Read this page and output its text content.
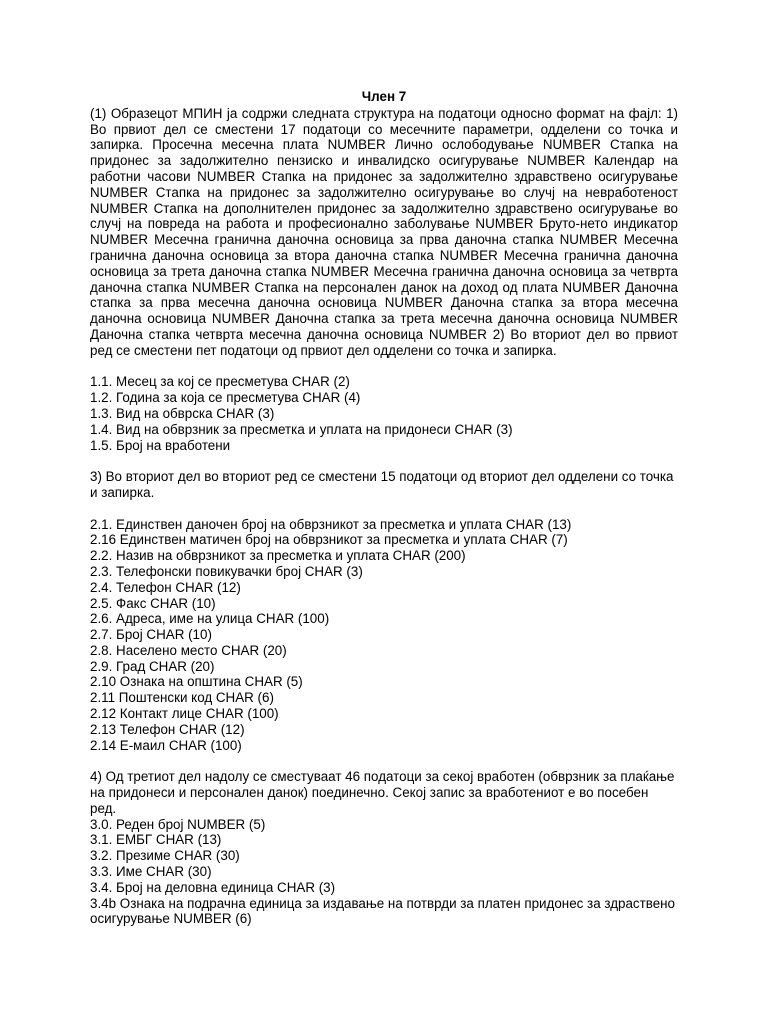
Член 7

(1) Образецот МПИН ја содржи следната структура на податоци односно формат на фајл: 1) Во првиот дел се сместени 17 податоци со месечните параметри, одделени со точка и запирка. Просечна месечна плата NUMBER Лично ослободување NUMBER Стапка на придонес за задолжително пензиско и инвалидско осигурување NUMBER Календар на работни часови NUMBER Стапка на придонес за задолжително здравствено осигурување NUMBER Стапка на придонес за задолжително осигурување во случј на невработеност NUMBER Стапка на дополнителен придонес за задолжително здравствено осигурување во случј на повреда на работа и професионално заболување NUMBER Бруто-нето индикатор NUMBER Месечна гранична даночна основица за прва даночна стапка NUMBER Месечна гранична даночна основица за втора даночна стапка NUMBER Месечна гранична даночна основица за трета даночна стапка NUMBER Месечна гранична даночна основица за четврта даночна стапка NUMBER Стапка на персонален данок на доход од плата NUMBER Даночна стапка за прва месечна даночна основица NUMBER Даночна стапка за втора месечна даночна основица NUMBER Даночна стапка за трета месечна даночна основица NUMBER Даночна стапка четврта месечна даночна основица NUMBER 2) Во вториот дел во првиот ред се сместени пет податоци од првиот дел одделени со точка и запирка.

1.1. Месец за кој се пресметува CHAR (2)
1.2. Година за која се пресметува CHAR (4)
1.3. Вид на обврска CHAR (3)
1.4. Вид на обврзник за пресметка и уплата на придонеси CHAR (3)
1.5. Број на вработени

3) Во вториот дел во вториот ред се сместени 15 податоци од вториот дел одделени со точка и запирка.

2.1. Единствен даночен број на обврзникот за пресметка и уплата CHAR (13)
2.16 Единствен матичен број на обврзникот за пресметка и уплата CHAR (7)
2.2. Назив на обврзникот за пресметка и уплата CHAR (200)
2.3. Телефонски повикувачки број CHAR (3)
2.4. Телефон CHAR (12)
2.5. Факс CHAR (10)
2.6. Адреса, име на улица CHAR (100)
2.7. Број CHAR (10)
2.8. Населено место CHAR (20)
2.9. Град CHAR (20)
2.10 Ознака на општина CHAR (5)
2.11 Поштенски код CHAR (6)
2.12 Контакт лице CHAR (100)
2.13 Телефон CHAR (12)
2.14 Е-маил CHAR (100)

4) Од третиот дел надолу се сместуваат 46 податоци за секој вработен (обврзник за плаќање на придонеси и персонален данок) поединечно. Секој запис за вработениот е во посебен ред.

3.0. Реден број NUMBER (5)
3.1. ЕМБГ CHAR (13)
3.2. Презиме CHAR (30)
3.3. Име CHAR (30)
3.4. Број на деловна единица CHAR (3)

3.4b Ознака на подрачна единица за издавање на потврди за платен придонес за здраствено осигурување NUMBER (6)
